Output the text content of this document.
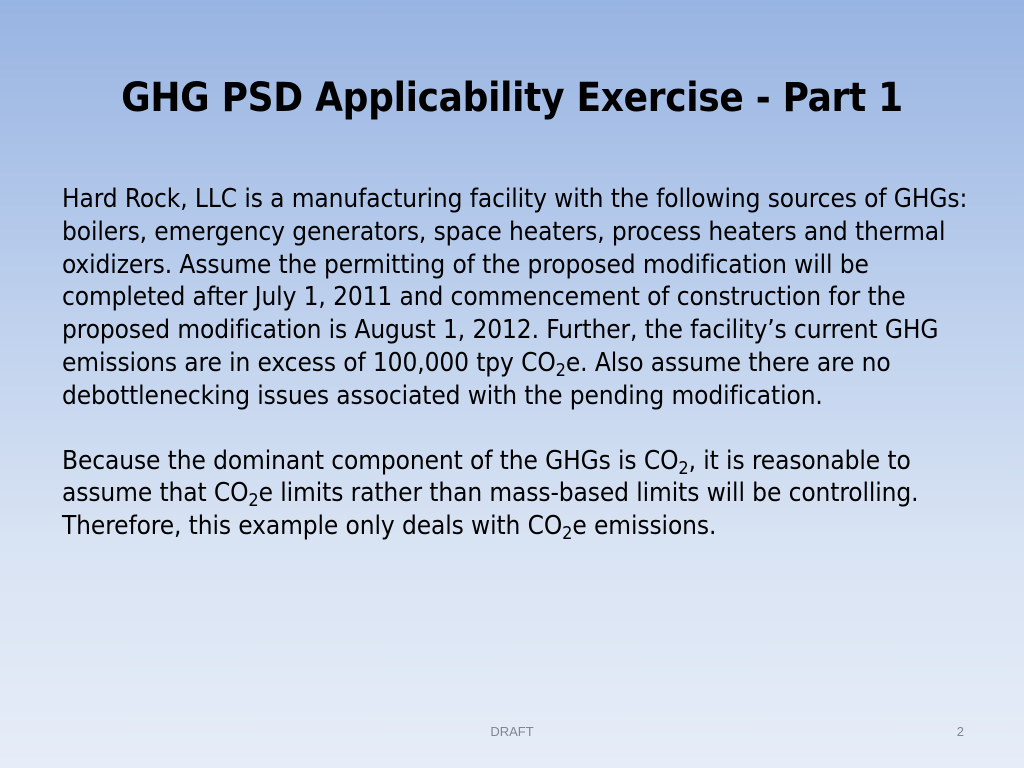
GHG PSD Applicability Exercise - Part 1

Hard Rock, LLC is a manufacturing facility with the following sources of GHGs: boilers, emergency generators, space heaters, process heaters and thermal oxidizers. Assume the permitting of the proposed modification will be completed after July 1, 2011 and commencement of construction for the proposed modification is August 1, 2012. Further, the facility’s current GHG emissions are in excess of 100,000 tpy $CO_2e$. Also assume there are no debottlenecking issues associated with the pending modification.

Because the dominant component of the GHGs is $CO_2$, it is reasonable to assume that $CO_2e$ limits rather than mass-based limits will be controlling. Therefore, this example only deals with $CO_2e$ emissions.

DRAFT	2
